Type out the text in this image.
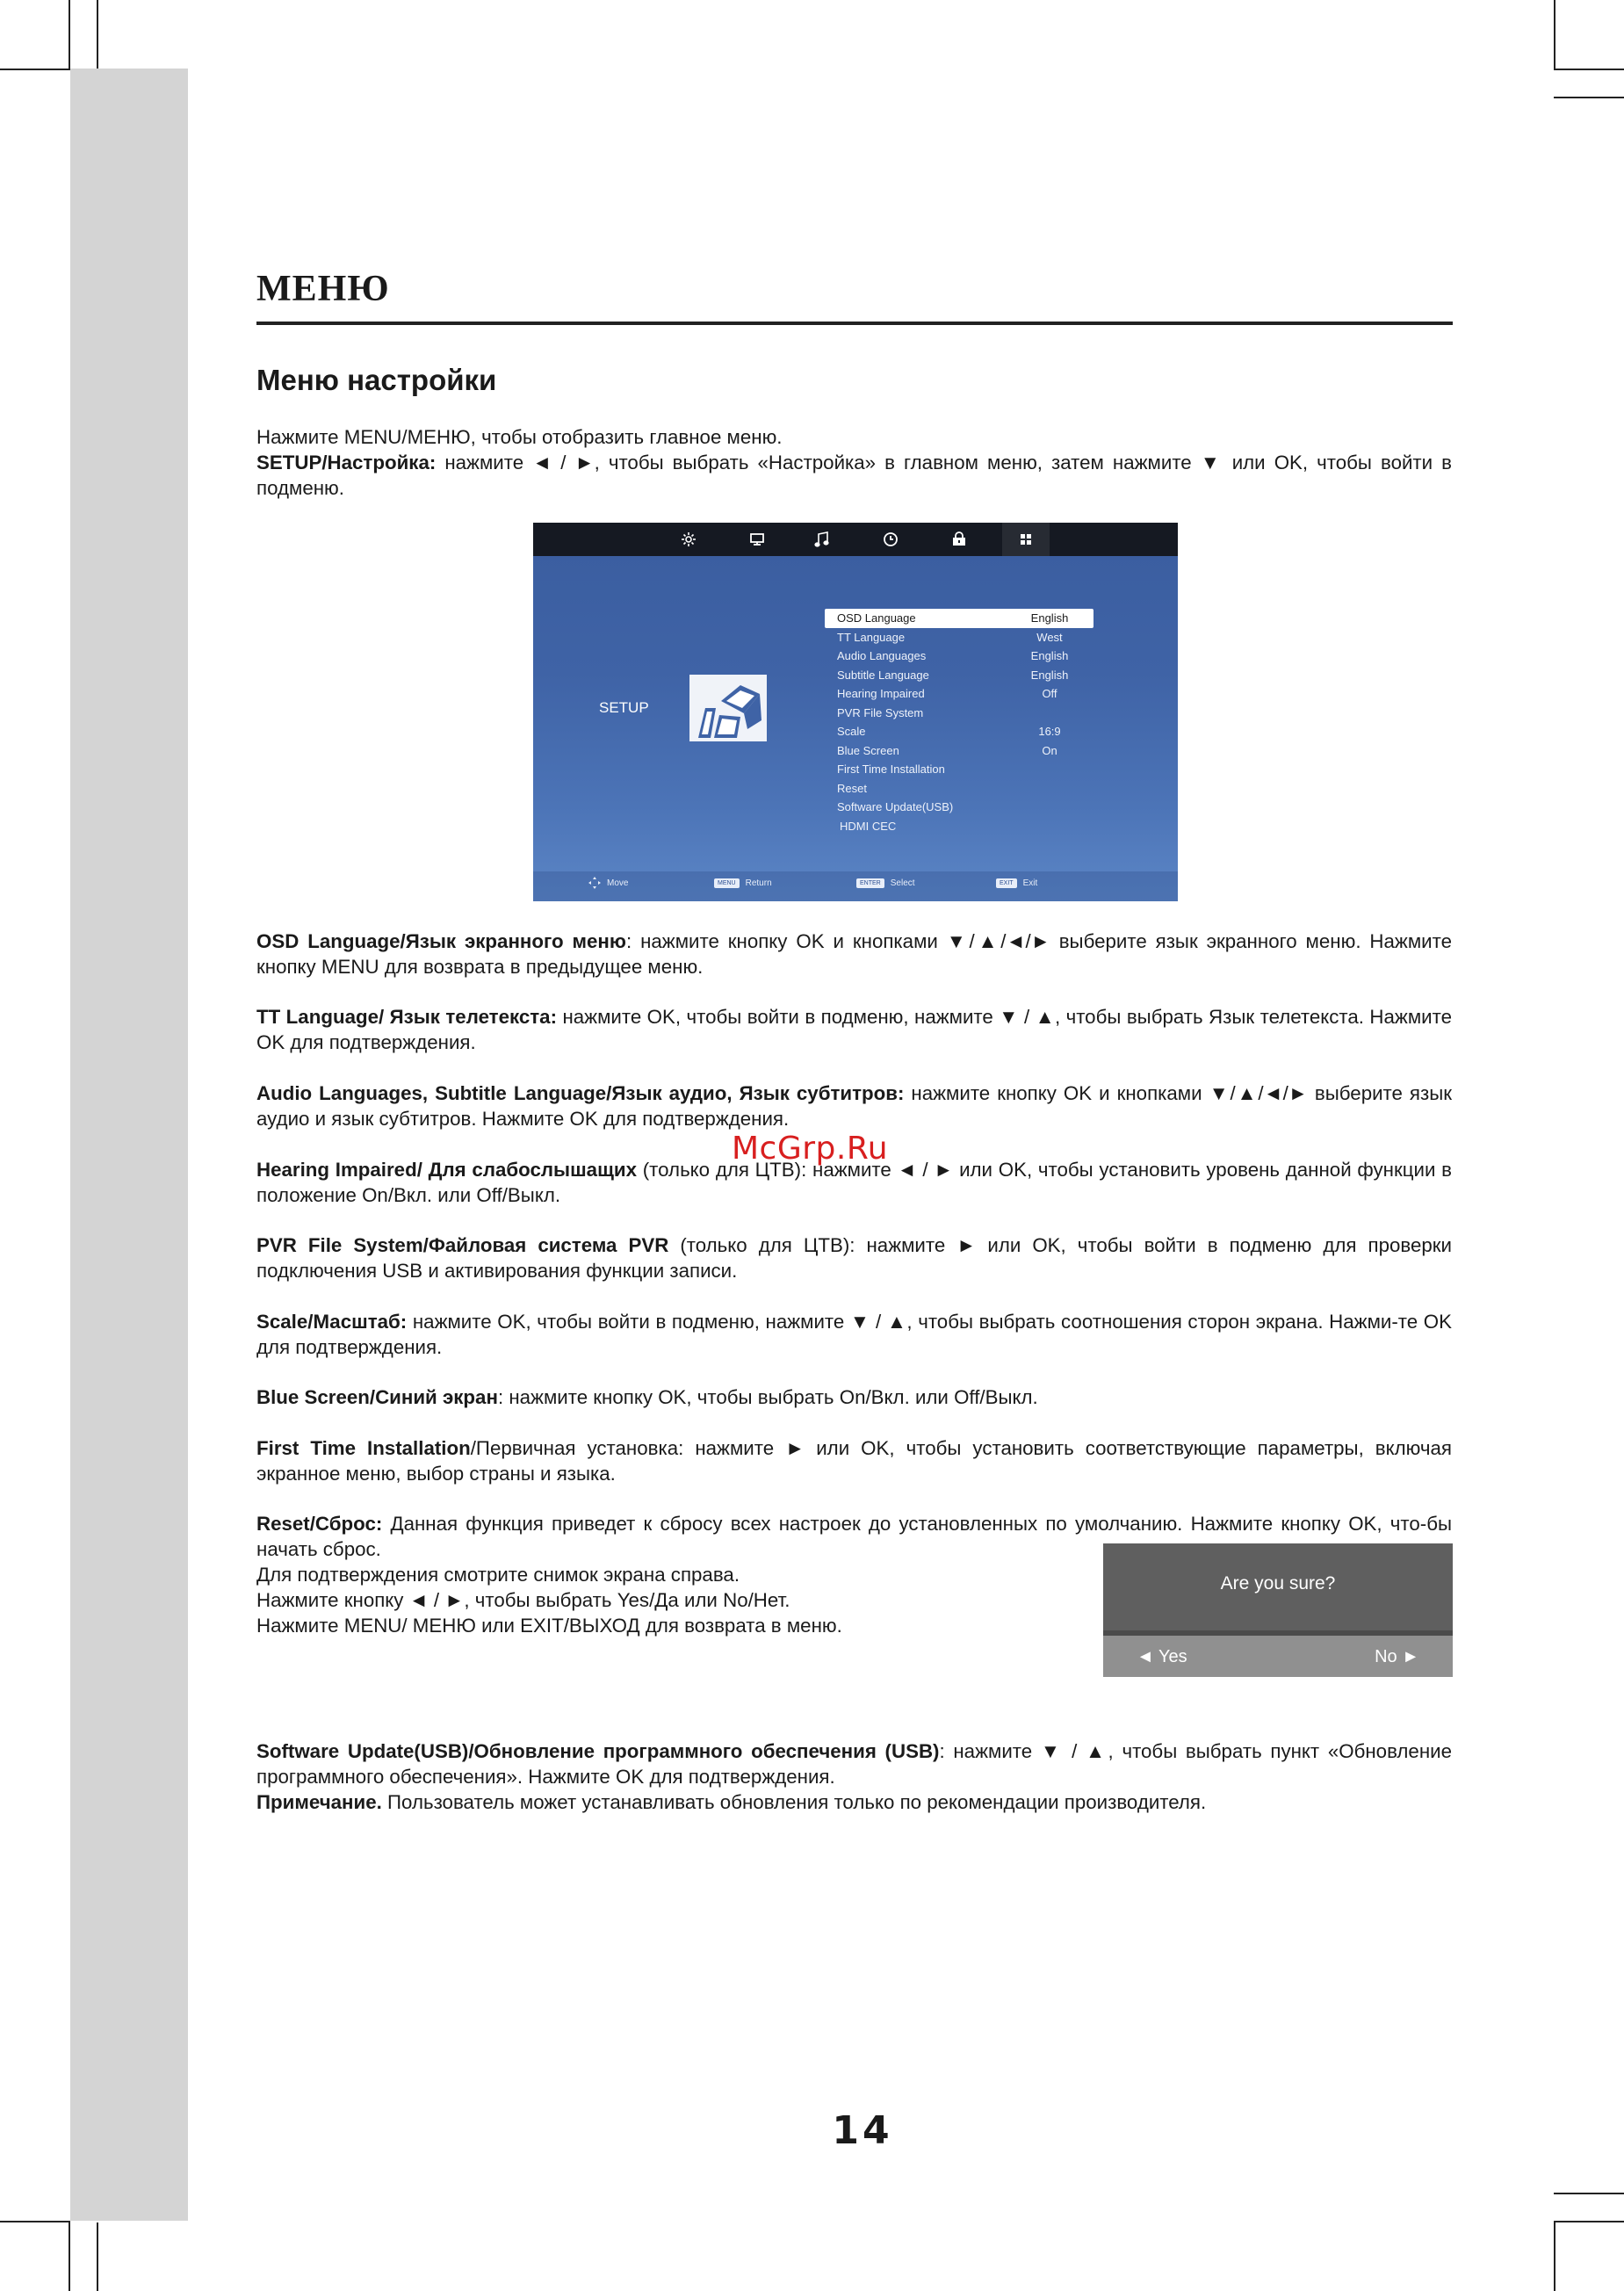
МЕНЮ
Меню настройки

Нажмите MENU/МЕНЮ, чтобы отобразить главное меню.
SETUP/Настройка: нажмите ◄ / ►, чтобы выбрать «Настройка» в главном меню, затем нажмите ▼ или OK, чтобы войти в подменю.

SETUP
OSD Language	English
TT Language	West
Audio Languages	English
Subtitle Language	English
Hearing Impaired	Off
PVR File System
Scale	16:9
Blue Screen	On
First Time Installation
Reset
Software Update(USB)
HDMI CEC
Move	MENU	Return	ENTER	Select	EXIT	Exit

OSD Language/Язык экранного меню: нажмите кнопку OK и кнопками ▼/▲/◄/► выберите язык экранного меню. Нажмите кнопку MENU для возврата в предыдущее меню.

TT Language/ Язык телетекста: нажмите OK, чтобы войти в подменю, нажмите ▼ / ▲, чтобы выбрать Язык телетекста. Нажмите OK для подтверждения.

Audio Languages, Subtitle Language/Язык аудио, Язык субтитров: нажмите кнопку OK и кнопками ▼/▲/◄/► выберите язык аудио и язык субтитров. Нажмите OK для подтверждения.

McGrp.Ru

Hearing Impaired/ Для слабослышащих (только для ЦТВ): нажмите ◄ / ► или OK, чтобы установить уровень данной функции в положение On/Вкл. или Off/Выкл.

PVR File System/Файловая система PVR (только для ЦТВ): нажмите ► или OK, чтобы войти в подменю для проверки подключения USB и активирования функции записи.

Scale/Масштаб: нажмите OK, чтобы войти в подменю, нажмите ▼ / ▲, чтобы выбрать соотношения сторон экрана. Нажми-те OK для подтверждения.

Blue Screen/Синий экран: нажмите кнопку OK, чтобы выбрать On/Вкл. или Off/Выкл.

First Time Installation/Первичная установка: нажмите ► или OK, чтобы установить соответствующие параметры, включая экранное меню, выбор страны и языка.

Reset/Сброс: Данная функция приведет к сбросу всех настроек до установленных по умолчанию. Нажмите кнопку OK, что-бы начать сброс.

Для подтверждения смотрите снимок экрана справа.
Нажмите кнопку ◄ / ►, чтобы выбрать Yes/Да или No/Нет.
Нажмите MENU/ МЕНЮ или EXIT/ВЫХОД для возврата в меню.

Are you sure?
◄ Yes	No ►

Software Update(USB)/Обновление программного обеспечения (USB): нажмите ▼ / ▲, чтобы выбрать пункт «Обновление программного обеспечения». Нажмите OK для подтверждения.

Примечание. Пользователь может устанавливать обновления только по рекомендации производителя.

14
